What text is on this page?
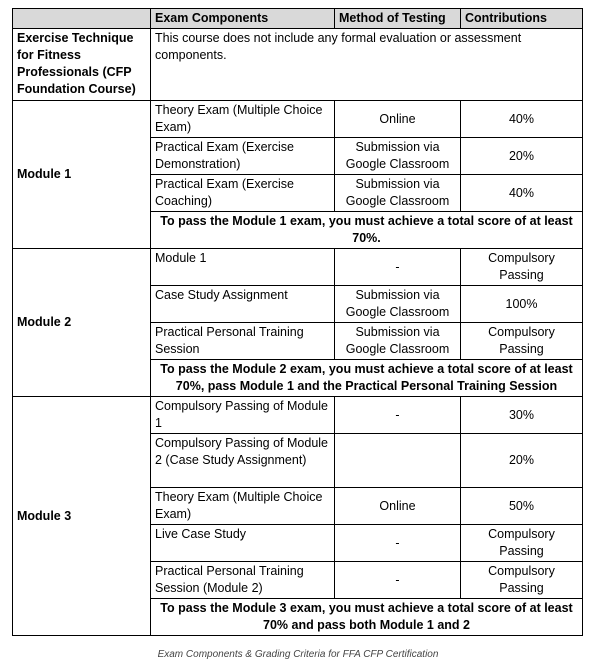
	Exam Components	Method of Testing	Contributions
Exercise Technique for Fitness Professionals (CFP Foundation Course)	This course does not include any formal evaluation or assessment components.		
Module 1	Theory Exam (Multiple Choice Exam)	Online	40%
	Practical Exam (Exercise Demonstration)	Submission via Google Classroom	20%
	Practical Exam (Exercise Coaching)	Submission via Google Classroom	40%
	To pass the Module 1 exam, you must achieve a total score of at least 70%.		
Module 2	Module 1	-	Compulsory Passing
	Case Study Assignment	Submission via Google Classroom	100%
	Practical Personal Training Session	Submission via Google Classroom	Compulsory Passing
	To pass the Module 2 exam, you must achieve a total score of at least 70%, pass Module 1 and the Practical Personal Training Session		
Module 3	Compulsory Passing of Module 1	-	30%
	Compulsory Passing of Module 2 (Case Study Assignment)		20%
	Theory Exam (Multiple Choice Exam)	Online	50%
	Live Case Study	-	Compulsory Passing
	Practical Personal Training Session (Module 2)	-	Compulsory Passing
	To pass the Module 3 exam, you must achieve a total score of at least 70% and pass both Module 1 and 2		
Exam Components & Grading Criteria for FFA CFP Certification
